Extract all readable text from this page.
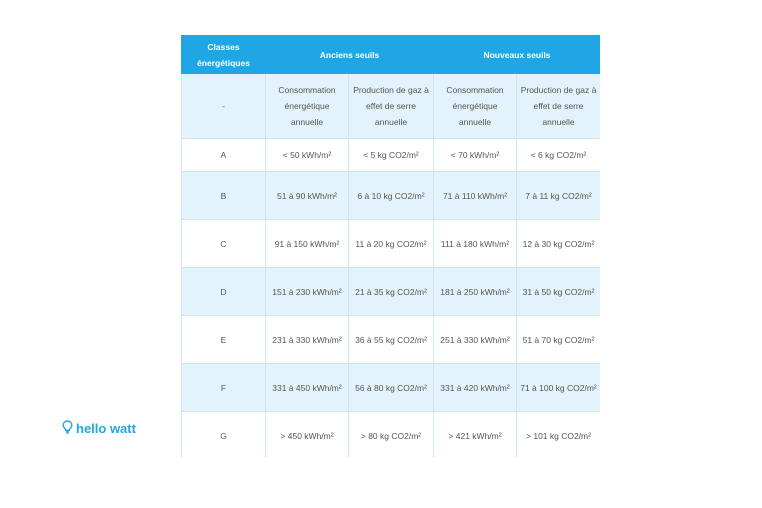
Classes énergétiques	Anciens seuils		Nouveaux seuils	
-	Consommation énergétique annuelle	Production de gaz à effet de serre annuelle	Consommation énergétique annuelle	Production de gaz à effet de serre annuelle
A	< 50 kWh/m²	< 5 kg CO2/m²	< 70 kWh/m²	< 6 kg CO2/m²
B	51 à 90 kWh/m²	6 à 10 kg CO2/m²	71 à 110 kWh/m²	7 à 11 kg CO2/m²
C	91 à 150 kWh/m²	11 à 20 kg CO2/m²	111 à 180 kWh/m²	12 à 30 kg CO2/m²
D	151 à 230 kWh/m²	21 à 35 kg CO2/m²	181 à 250 kWh/m²	31 à 50 kg CO2/m²
E	231 à 330 kWh/m²	36 à 55 kg CO2/m²	251 à 330 kWh/m²	51 à 70 kg CO2/m²
F	331 à 450 kWh/m²	56 à 80 kg CO2/m²	331 à 420 kWh/m²	71 à 100 kg CO2/m²
G	> 450 kWh/m²	> 80 kg CO2/m²	> 421 kWh/m²	> 101 kg CO2/m²
hello watt
